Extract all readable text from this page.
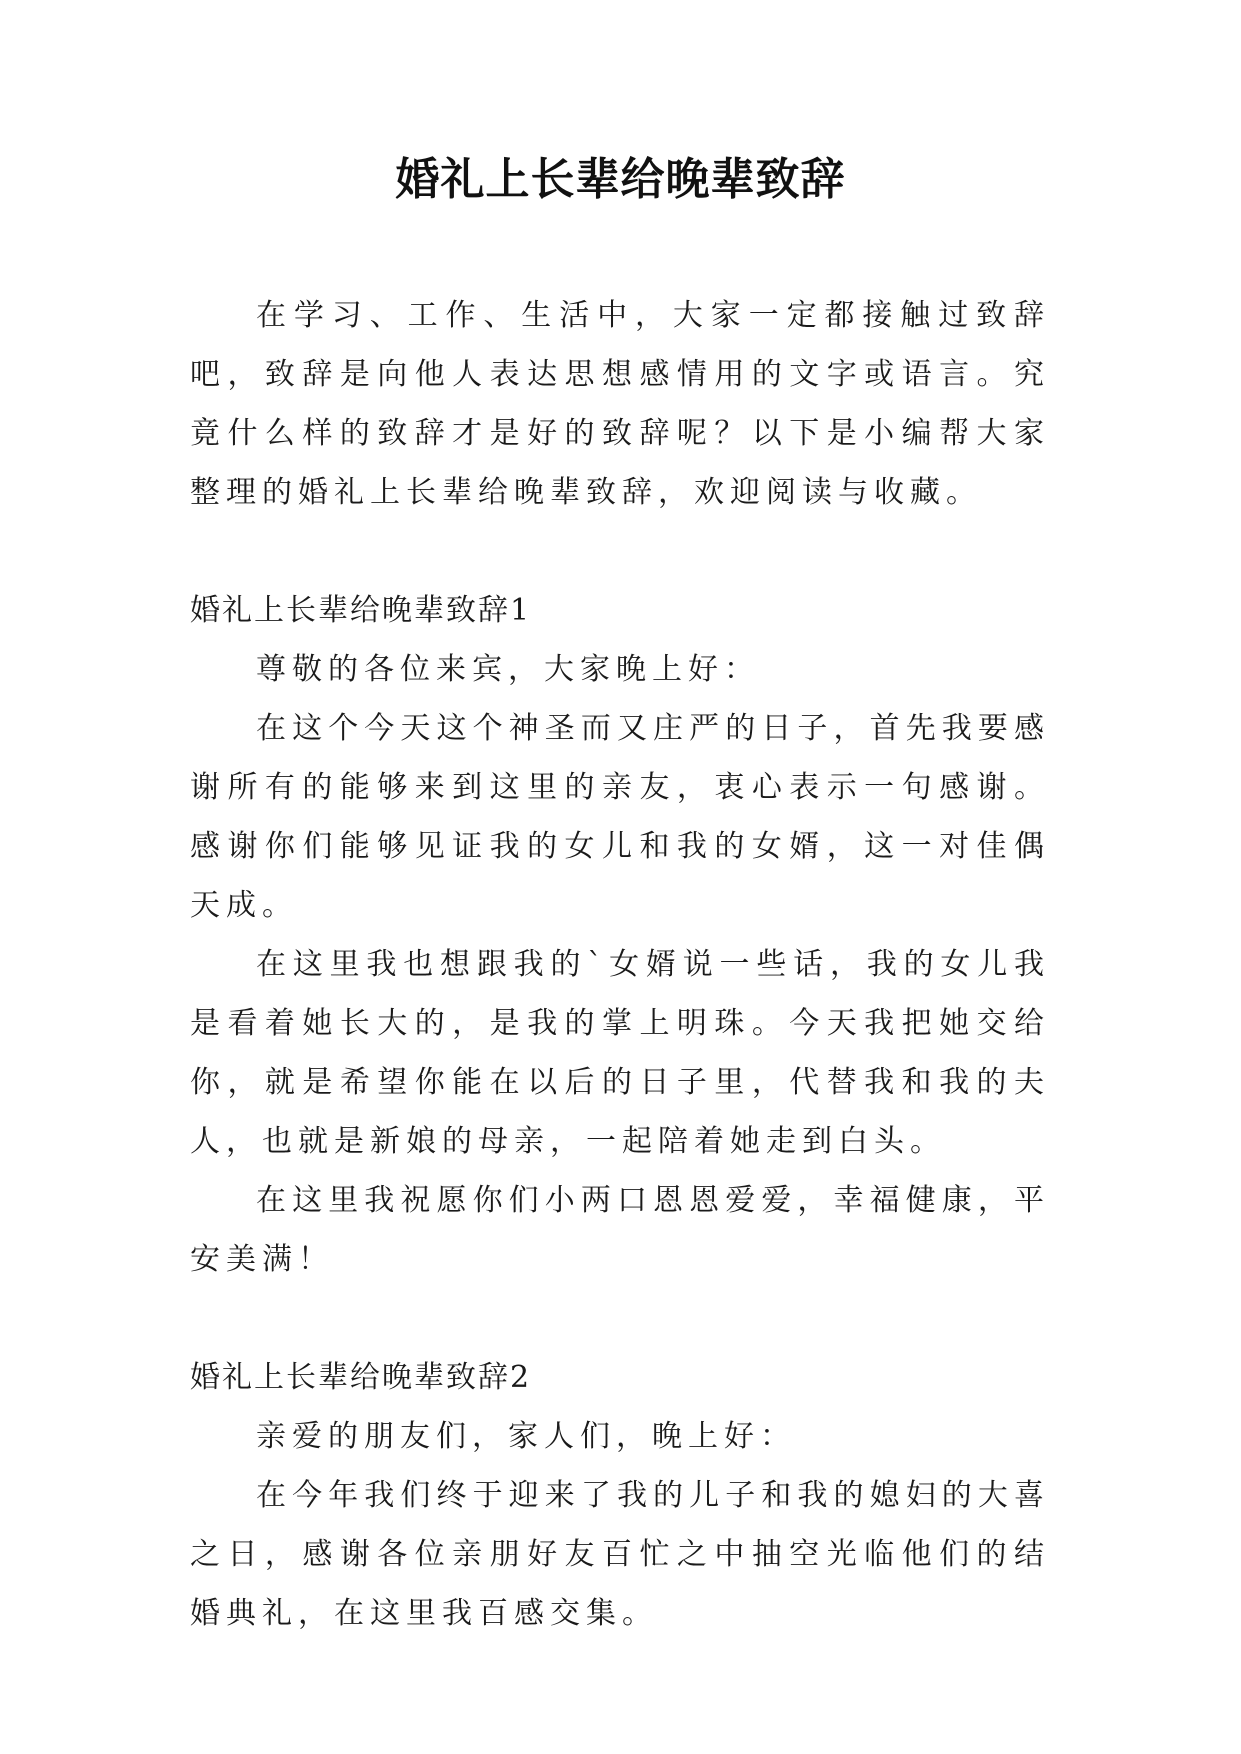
婚礼上长辈给晚辈致辞

在学习、工作、生活中，大家一定都接触过致辞吧，致辞是向他人表达思想感情用的文字或语言。究竟什么样的致辞才是好的致辞呢？以下是小编帮大家整理的婚礼上长辈给晚辈致辞，欢迎阅读与收藏。

婚礼上长辈给晚辈致辞1

尊敬的各位来宾，大家晚上好：

在这个今天这个神圣而又庄严的日子，首先我要感谢所有的能够来到这里的亲友，衷心表示一句感谢。感谢你们能够见证我的女儿和我的女婿，这一对佳偶天成。

在这里我也想跟我的`女婿说一些话，我的女儿我是看着她长大的，是我的掌上明珠。今天我把她交给你，就是希望你能在以后的日子里，代替我和我的夫人，也就是新娘的母亲，一起陪着她走到白头。

在这里我祝愿你们小两口恩恩爱爱，幸福健康，平安美满！

婚礼上长辈给晚辈致辞2

亲爱的朋友们，家人们，晚上好：

在今年我们终于迎来了我的儿子和我的媳妇的大喜之日，感谢各位亲朋好友百忙之中抽空光临他们的结婚典礼，在这里我百感交集。
